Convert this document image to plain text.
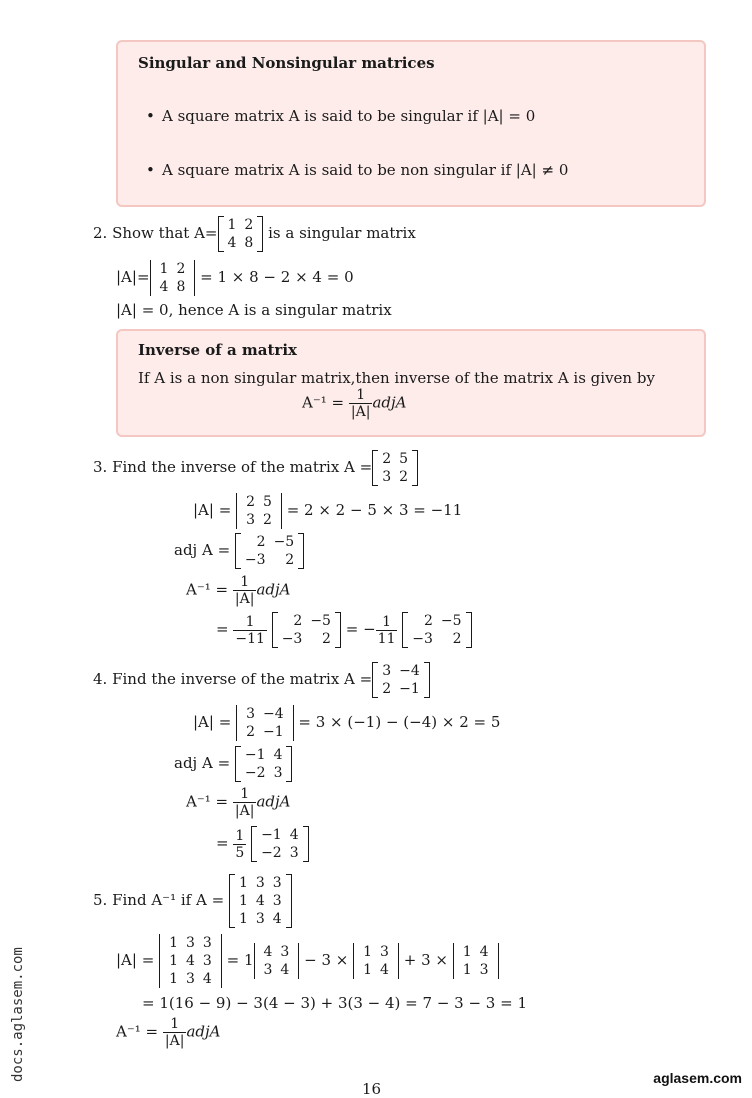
Singular and Nonsingular matrices
• A square matrix A is said to be singular if |A| = 0
• A square matrix A is said to be non singular if |A| ≠ 0
2. Show that A= 1	2
4	8
is a singular matrix
|A|= 1	2
4	8
= 1 × 8 − 2 × 4 = 0
|A| = 0, hence A is a singular matrix
Inverse of a matrix
If A is a non singular matrix,then inverse of the matrix A is given by
$A^{-1} = \frac{1}{|A|}$ adjA
3. Find the inverse of the matrix A = 2	5
3	2
|A| = 2	5
3	2
= 2 × 2 − 5 × 3 = −11
adj A = 2	−5
−3	2
$A^{-1} = \frac{1}{|A|}$ adjA
= $\frac{1}{-11}$
2	−5
−3	2
= − $\frac{1}{11}$
2	−5
−3	2
4. Find the inverse of the matrix A = 3	−4
2	−1
|A| = 3	−4
2	−1
= 3 × (−1) − (−4) × 2 = 5
adj A = −1	4
−2	3
$A^{-1} = \frac{1}{|A|}$ adjA
= $\frac{1}{5}$
−1	4
−2	3
5. Find A⁻¹ if A =
1	3	3
1	4	3
1	3	4
|A| =
1	3	3
1	4	3
1	3	4
= 1 4	3
3	4
− 3 × 1	3
1	4
+ 3 × 1	4
1	3
= 1(16 − 9) − 3(4 − 3) + 3(3 − 4) = 7 − 3 − 3 = 1
$A^{-1} = \frac{1}{|A|}$ adjA
docs.aglasem.com	aglasem.com
16
